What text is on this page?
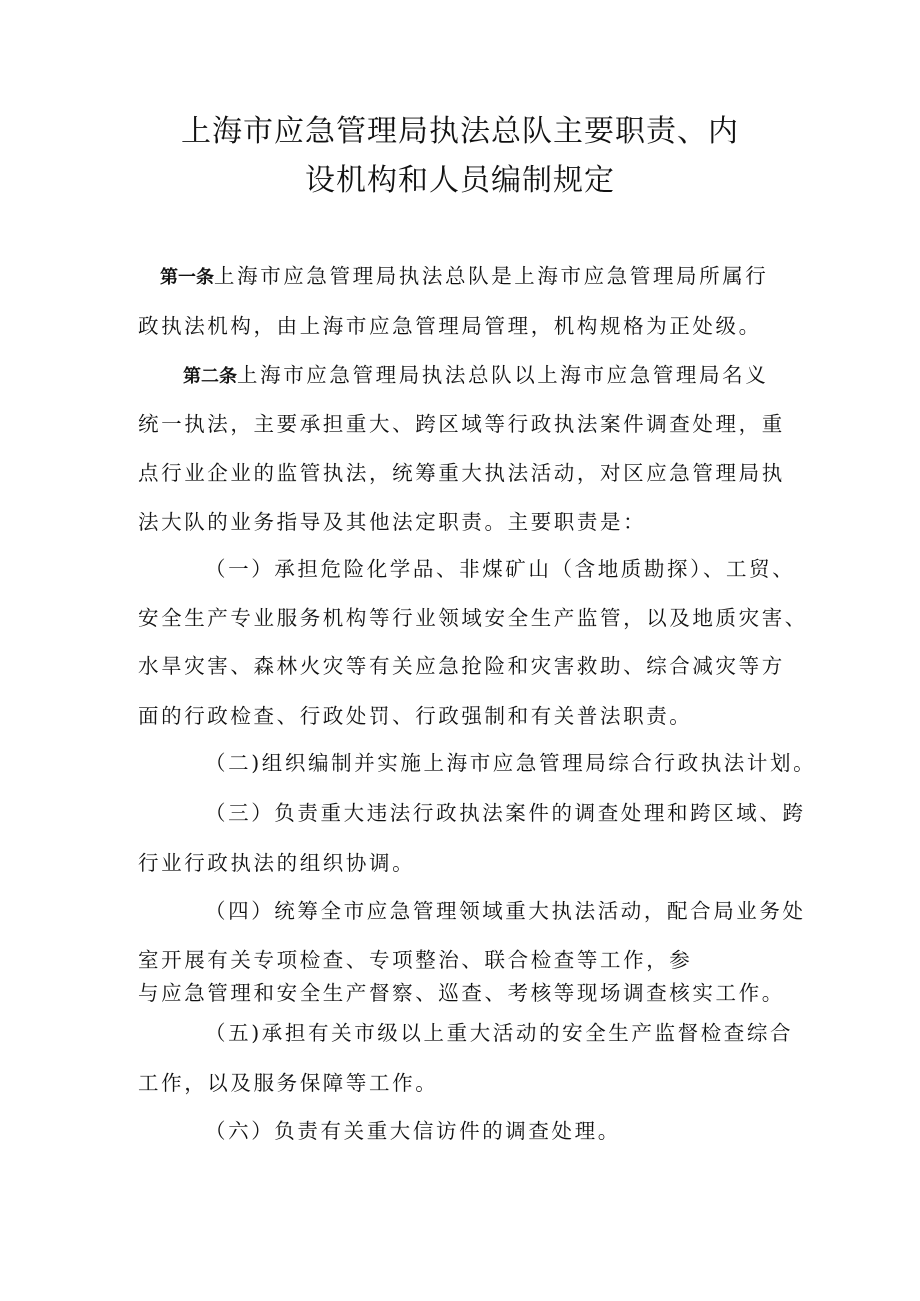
上海市应急管理局执法总队主要职责、内
设机构和人员编制规定
第一条上海市应急管理局执法总队是上海市应急管理局所属行
政执法机构，由上海市应急管理局管理，机构规格为正处级。
第二条上海市应急管理局执法总队以上海市应急管理局名义
统一执法，主要承担重大、跨区域等行政执法案件调查处理，重
点行业企业的监管执法，统筹重大执法活动，对区应急管理局执
法大队的业务指导及其他法定职责。主要职责是：
（一）承担危险化学品、非煤矿山（含地质勘探）、工贸、
安全生产专业服务机构等行业领域安全生产监管，以及地质灾害、
水旱灾害、森林火灾等有关应急抢险和灾害救助、综合减灾等方
面的行政检查、行政处罚、行政强制和有关普法职责。
（二)组织编制并实施上海市应急管理局综合行政执法计划。
（三）负责重大违法行政执法案件的调查处理和跨区域、跨
行业行政执法的组织协调。
（四）统筹全市应急管理领域重大执法活动，配合局业务处
室开展有关专项检查、专项整治、联合检查等工作，参
与应急管理和安全生产督察、巡查、考核等现场调查核实工作。
（五)承担有关市级以上重大活动的安全生产监督检查综合
工作，以及服务保障等工作。
（六）负责有关重大信访件的调查处理。
